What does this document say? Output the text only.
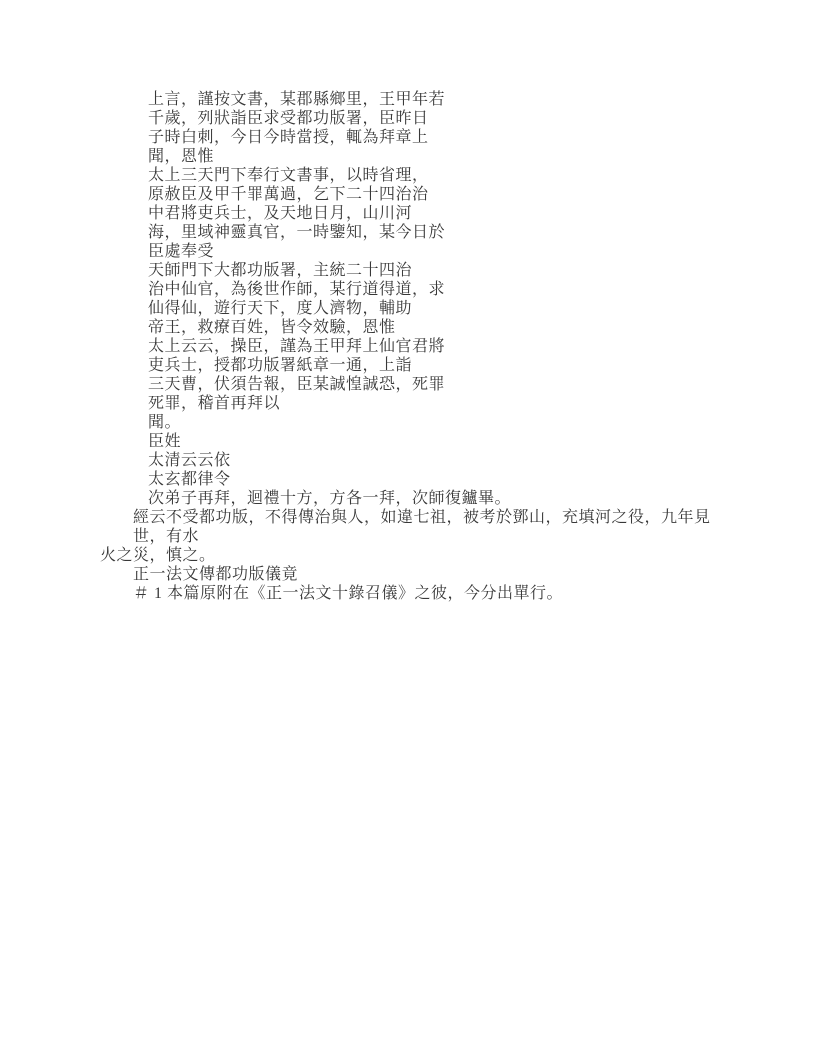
上言，謹按文書，某郡縣鄉里，王甲年若
千歲，列狀詣臣求受都功版署，臣昨日
子時白刺，今日今時當授，輒為拜章上
聞，恩惟
太上三天門下奉行文書事，以時省理，
原赦臣及甲千罪萬過，乞下二十四治治
中君將吏兵士，及天地日月，山川河
海，里域神靈真官，一時鑒知，某今日於
臣處奉受
天師門下大都功版署，主統二十四治
治中仙官，為後世作師，某行道得道，求
仙得仙，遊行天下，度人濟物，輔助
帝王，救療百姓，皆令效驗，恩惟
太上云云，操臣，謹為王甲拜上仙官君將
吏兵士，授都功版署紙章一通，上詣
三天曹，伏須告報，臣某誠惶誠恐，死罪
死罪，稽首再拜以
聞。
臣姓
太清云云依
太玄都律令
次弟子再拜，迴禮十方，方各一拜，次師復鑪畢。
經云不受都功版，不得傳治與人，如違七祖，被考於鄧山，充填河之役，九年見世，有水
火之災，慎之。
正一法文傳都功版儀竟
＃ 1 本篇原附在《正一法文十錄召儀》之彼，今分出單行。
